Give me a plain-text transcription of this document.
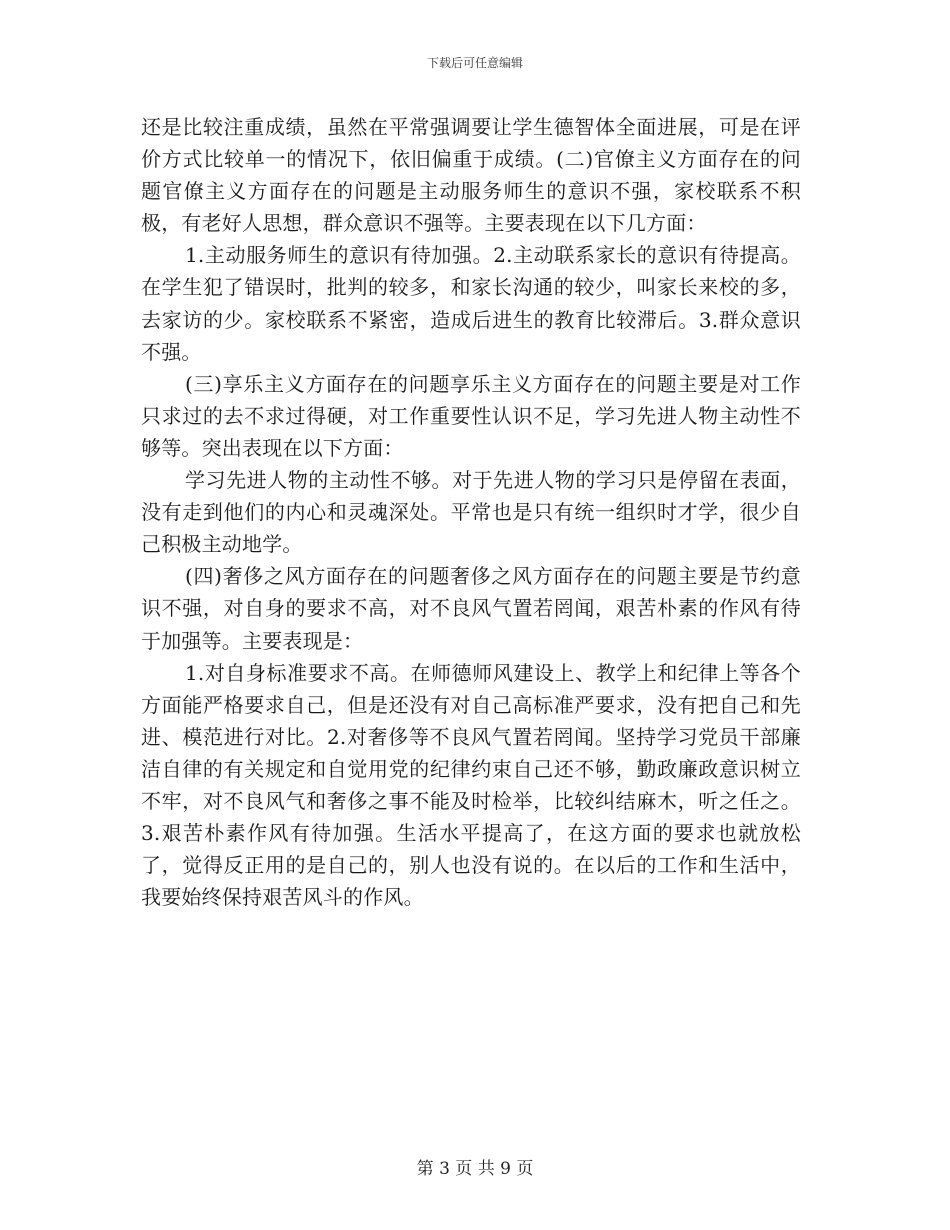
下载后可任意编辑

还是比较注重成绩，虽然在平常强调要让学生德智体全面进展，可是在评价方式比较单一的情况下，依旧偏重于成绩。(二)官僚主义方面存在的问题官僚主义方面存在的问题是主动服务师生的意识不强，家校联系不积极，有老好人思想，群众意识不强等。主要表现在以下几方面：

1.主动服务师生的意识有待加强。2.主动联系家长的意识有待提高。在学生犯了错误时，批判的较多，和家长沟通的较少，叫家长来校的多，去家访的少。家校联系不紧密，造成后进生的教育比较滞后。3.群众意识不强。

(三)享乐主义方面存在的问题享乐主义方面存在的问题主要是对工作只求过的去不求过得硬，对工作重要性认识不足，学习先进人物主动性不够等。突出表现在以下方面：

学习先进人物的主动性不够。对于先进人物的学习只是停留在表面，没有走到他们的内心和灵魂深处。平常也是只有统一组织时才学，很少自己积极主动地学。

(四)奢侈之风方面存在的问题奢侈之风方面存在的问题主要是节约意识不强，对自身的要求不高，对不良风气置若罔闻，艰苦朴素的作风有待于加强等。主要表现是：

1.对自身标准要求不高。在师德师风建设上、教学上和纪律上等各个方面能严格要求自己，但是还没有对自己高标准严要求，没有把自己和先进、模范进行对比。2.对奢侈等不良风气置若罔闻。坚持学习党员干部廉洁自律的有关规定和自觉用党的纪律约束自己还不够，勤政廉政意识树立不牢，对不良风气和奢侈之事不能及时检举，比较纠结麻木，听之任之。3.艰苦朴素作风有待加强。生活水平提高了，在这方面的要求也就放松了，觉得反正用的是自己的，别人也没有说的。在以后的工作和生活中，我要始终保持艰苦风斗的作风。

第 3 页 共 9 页
